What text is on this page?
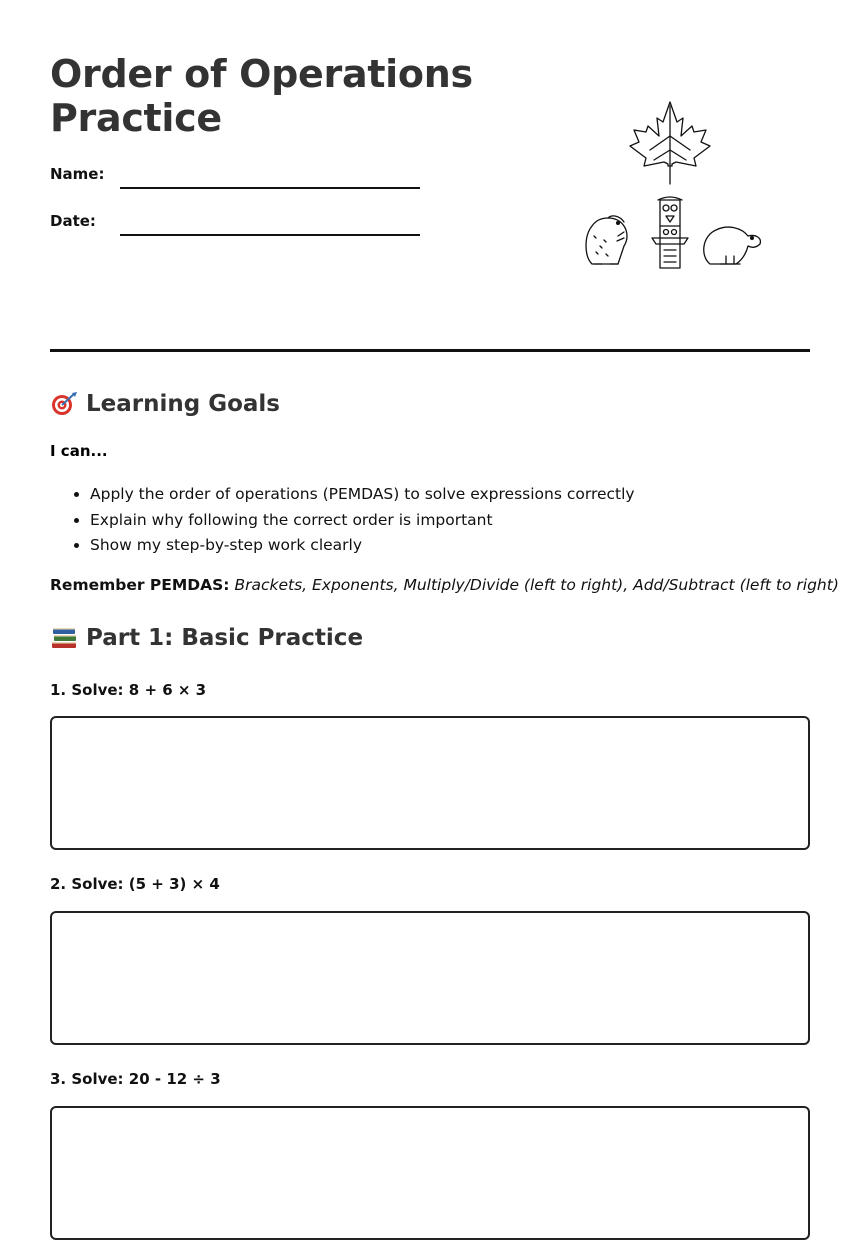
Order of Operations
Practice
Name:
Date:
Learning Goals
I can...
• Apply the order of operations (PEMDAS) to solve expressions correctly
• Explain why following the correct order is important
• Show my step-by-step work clearly
Remember PEMDAS: Brackets, Exponents, Multiply/Divide (left to right), Add/Subtract (left to right)
Part 1: Basic Practice
1. Solve: 8 + 6 × 3
2. Solve: (5 + 3) × 4
3. Solve: 20 - 12 ÷ 3
